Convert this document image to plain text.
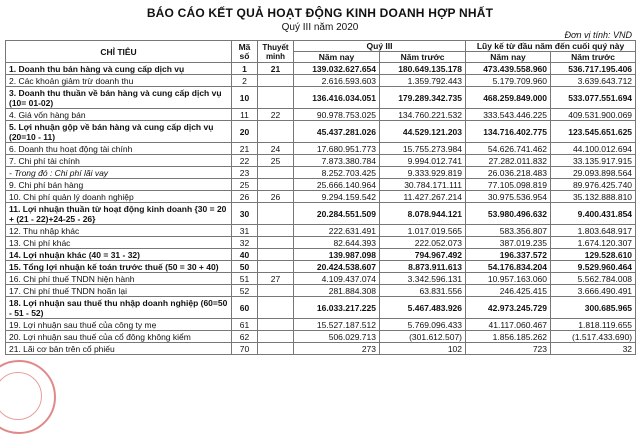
BÁO CÁO KẾT QUẢ HOẠT ĐỘNG KINH DOANH HỢP NHẤT
Quý III năm 2020
Đơn vị tính: VND
CHỈ TIÊU	Mã số	Thuyết minh	Quý III		Lũy kế từ đầu năm đến cuối quý này	
			Năm nay	Năm trước	Năm nay	Năm trước
1. Doanh thu bán hàng và cung cấp dịch vụ	1	21	139.032.627.654	180.649.135.178	473.439.558.960	536.717.195.406
2. Các khoản giảm trừ doanh thu	2		2.616.593.603	1.359.792.443	5.179.709.960	3.639.643.712
3. Doanh thu thuần về bán hàng và cung cấp dịch vụ (10= 01-02)	10		136.416.034.051	179.289.342.735	468.259.849.000	533.077.551.694
4. Giá vốn hàng bán	11	22	90.978.753.025	134.760.221.532	333.543.446.225	409.531.900.069
5. Lợi nhuận gộp về bán hàng và cung cấp dịch vụ (20=10 - 11)	20		45.437.281.026	44.529.121.203	134.716.402.775	123.545.651.625
6. Doanh thu hoạt động tài chính	21	24	17.680.951.773	15.755.273.984	54.626.741.462	44.100.012.694
7. Chi phí tài chính	22	25	7.873.380.784	9.994.012.741	27.282.011.832	33.135.917.915
- Trong đó : Chi phí lãi vay	23		8.252.703.425	9.333.929.819	26.036.218.483	29.093.898.564
9. Chi phí bán hàng	25		25.666.140.964	30.784.171.111	77.105.098.819	89.976.425.740
10. Chi phí quản lý doanh nghiệp	26	26	9.294.159.542	11.427.267.214	30.975.536.954	35.132.888.810
11. Lợi nhuận thuần từ hoạt động kinh doanh {30 = 20 + (21 - 22)+24-25 - 26}	30		20.284.551.509	8.078.944.121	53.980.496.632	9.400.431.854
12. Thu nhập khác	31		222.631.491	1.017.019.565	583.356.807	1.803.648.917
13. Chi phí khác	32		82.644.393	222.052.073	387.019.235	1.674.120.307
14. Lợi nhuận khác (40 = 31 - 32)	40		139.987.098	794.967.492	196.337.572	129.528.610
15. Tổng lợi nhuận kế toán trước thuế (50 = 30 + 40)	50		20.424.538.607	8.873.911.613	54.176.834.204	9.529.960.464
16. Chi phí thuế TNDN hiện hành	51	27	4.109.437.074	3.342.596.131	10.957.163.060	5.562.784.008
17. Chi phí thuế TNDN hoãn lại	52		281.884.308	63.831.556	246.425.415	3.666.490.491
18. Lợi nhuận sau thuế thu nhập doanh nghiệp (60=50 - 51 - 52)	60		16.033.217.225	5.467.483.926	42.973.245.729	300.685.965
19. Lợi nhuận sau thuế của công ty mẹ	61		15.527.187.512	5.769.096.433	41.117.060.467	1.818.119.655
20. Lợi nhuận sau thuế của cổ đông không kiểm	62		506.029.713	(301.612.507)	1.856.185.262	(1.517.433.690)
21. Lãi cơ bản trên cổ phiếu	70		273	102	723	32
